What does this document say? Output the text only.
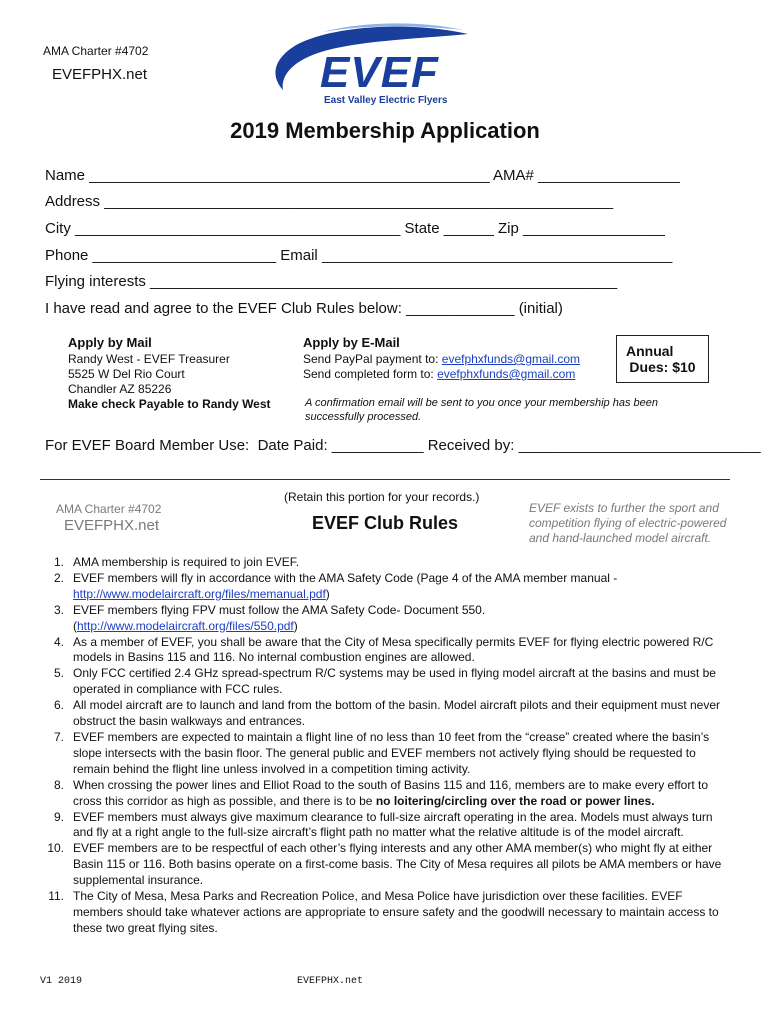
AMA Charter #4702
EVEFPHX.net	EVEF
East Valley Electric Flyers
2019 Membership Application
Name ________________________________________________ AMA# _________________
Address _____________________________________________________________
City _______________________________________ State ______ Zip _________________
Phone ______________________ Email __________________________________________
Flying interests ________________________________________________________
I have read and agree to the EVEF Club Rules below: _____________ (initial)
Apply by Mail
Randy West - EVEF Treasurer
5525 W Del Rio Court
Chandler AZ 85226
Make check Payable to Randy West
Apply by E-Mail
Send PayPal payment to: evefphxfunds@gmail.com
Send completed form to: evefphxfunds@gmail.com
Annual
Dues: $10
A confirmation email will be sent to you once your membership has been successfully processed.
For EVEF Board Member Use:  Date Paid: ___________ Received by: _____________________________
(Retain this portion for your records.)
AMA Charter #4702
EVEFPHX.net	EVEF Club Rules
EVEF exists to further the sport and competition flying of electric-powered and hand-launched model aircraft.
1. AMA membership is required to join EVEF.
2. EVEF members will fly in accordance with the AMA Safety Code (Page 4 of the AMA member manual -
http://www.modelaircraft.org/files/memanual.pdf)
3. EVEF members flying FPV must follow the AMA Safety Code- Document 550.
(http://www.modelaircraft.org/files/550.pdf)
4. As a member of EVEF, you shall be aware that the City of Mesa specifically permits EVEF for flying electric powered R/C models in Basins 115 and 116. No internal combustion engines are allowed.
5. Only FCC certified 2.4 GHz spread-spectrum R/C systems may be used in flying model aircraft at the basins and must be operated in compliance with FCC rules.
6. All model aircraft are to launch and land from the bottom of the basin. Model aircraft pilots and their equipment must never obstruct the basin walkways and entrances.
7. EVEF members are expected to maintain a flight line of no less than 10 feet from the “crease” created where the basin’s slope intersects with the basin floor. The general public and EVEF members not actively flying should be requested to remain behind the flight line unless involved in a competition timing activity.
8. When crossing the power lines and Elliot Road to the south of Basins 115 and 116, members are to make every effort to cross this corridor as high as possible, and there is to be no loitering/circling over the road or power lines.
9. EVEF members must always give maximum clearance to full-size aircraft operating in the area. Models must always turn and fly at a right angle to the full-size aircraft’s flight path no matter what the relative altitude is of the model aircraft.
10. EVEF members are to be respectful of each other’s flying interests and any other AMA member(s) who might fly at either Basin 115 or 116. Both basins operate on a first-come basis. The City of Mesa requires all pilots be AMA members or have supplemental insurance.
11. The City of Mesa, Mesa Parks and Recreation Police, and Mesa Police have jurisdiction over these facilities. EVEF members should take whatever actions are appropriate to ensure safety and the goodwill necessary to maintain access to these two great flying sites.
V1 2019	EVEFPHX.net
